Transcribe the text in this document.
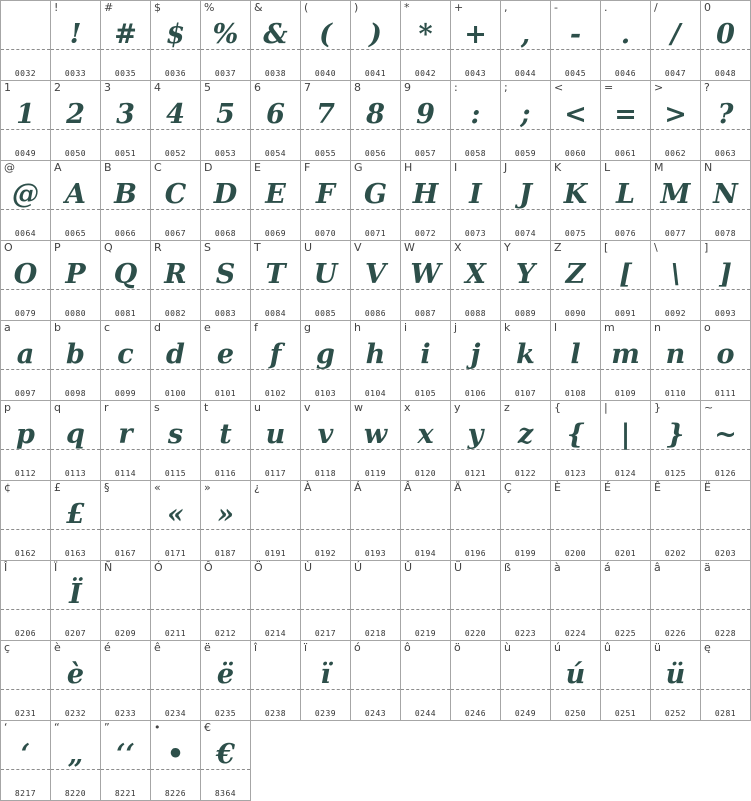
0032
!
!
0033
#
#
0035
$
$
0036
%
%
0037
&
&
0038
(
(
0040
)
)
0041
*
*
0042
+
+
0043
,
,
0044
-
-
0045
.
.
0046
/
/
0047
0
0
0048
1
1
0049
2
2
0050
3
3
0051
4
4
0052
5
5
0053
6
6
0054
7
7
0055
8
8
0056
9
9
0057
:
:
0058
;
;
0059
<
<
0060
=
=
0061
>
>
0062
?
?
0063
@
@
0064
A
A
0065
B
B
0066
C
C
0067
D
D
0068
E
E
0069
F
F
0070
G
G
0071
H
H
0072
I
I
0073
J
J
0074
K
K
0075
L
L
0076
M
M
0077
N
N
0078
O
O
0079
P
P
0080
Q
Q
0081
R
R
0082
S
S
0083
T
T
0084
U
U
0085
V
V
0086
W
W
0087
X
X
0088
Y
Y
0089
Z
Z
0090
[
[
0091
\
\
0092
]
]
0093
a
a
0097
b
b
0098
c
c
0099
d
d
0100
e
e
0101
f
f
0102
g
g
0103
h
h
0104
i
i
0105
j
j
0106
k
k
0107
l
l
0108
m
m
0109
n
n
0110
o
o
0111
p
p
0112
q
q
0113
r
r
0114
s
s
0115
t
t
0116
u
u
0117
v
v
0118
w
w
0119
x
x
0120
y
y
0121
z
z
0122
{
{
0123
|
|
0124
}
}
0125
~
~
0126
¢
0162
£
£
0163
§
0167
«
«
0171
»
»
0187
¿
0191
À
0192
Á
0193
Â
0194
Ä
0196
Ç
0199
È
0200
É
0201
Ê
0202
Ë
0203
Î
0206
Ï
Ï
0207
Ñ
0209
Ó
0211
Ô
0212
Ö
0214
Ù
0217
Ú
0218
Û
0219
Ü
0220
ß
0223
à
0224
á
0225
â
0226
ä
0228
ç
0231
è
è
0232
é
0233
ê
0234
ë
ë
0235
î
0238
ï
ï
0239
ó
0243
ô
0244
ö
0246
ù
0249
ú
ú
0250
û
0251
ü
ü
0252
ę
0281
‘
‘
8217
“
„
8220
”
‘‘
8221
•
•
8226
€
€
8364
